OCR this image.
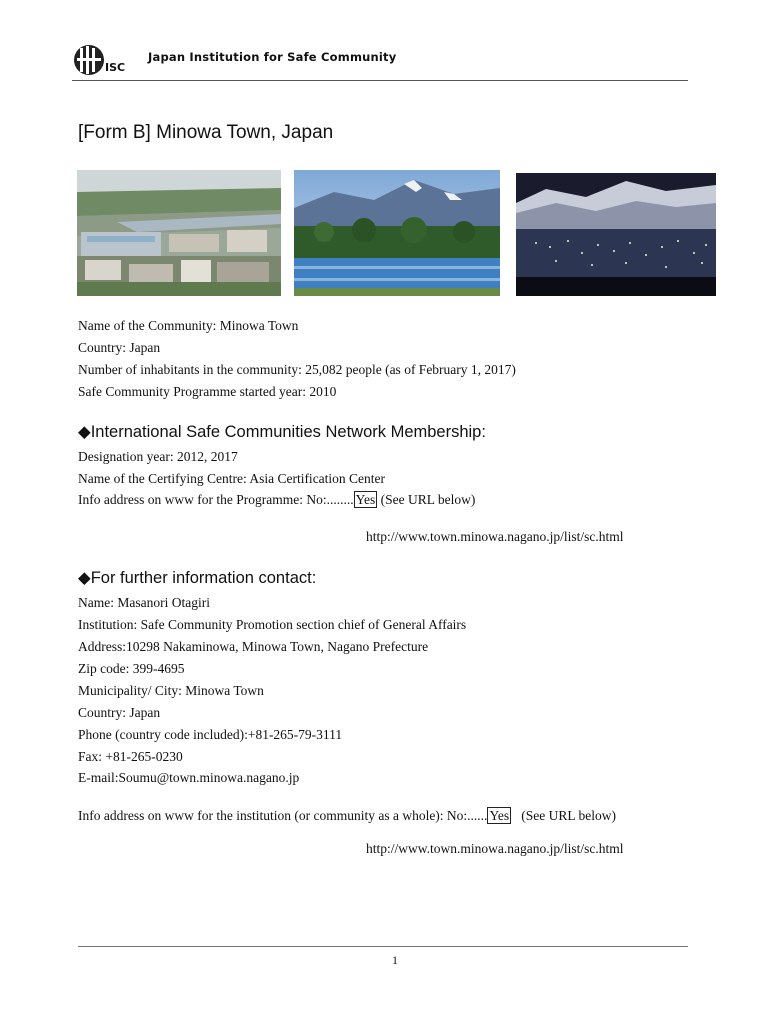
ISC
Japan Institution for Safe Community
[Form B] Minowa Town, Japan
Name of the Community: Minowa Town
Country: Japan
Number of inhabitants in the community: 25,082 people (as of February 1, 2017)
Safe Community Programme started year: 2010
◆International Safe Communities Network Membership:
Designation year: 2012, 2017
Name of the Certifying Centre: Asia Certification Center
Info address on www for the Programme: No:........ Yes (See URL below)
http://www.town.minowa.nagano.jp/list/sc.html
◆For further information contact:
Name: Masanori Otagiri
Institution: Safe Community Promotion section chief of General Affairs
Address:10298 Nakaminowa, Minowa Town, Nagano Prefecture
Zip code: 399-4695
Municipality/ City: Minowa Town
Country: Japan
Phone (country code included):+81-265-79-3111
Fax: +81-265-0230
E-mail:Soumu@town.minowa.nagano.jp
Info address on www for the institution (or community as a whole): No:...... Yes   (See URL below)
http://www.town.minowa.nagano.jp/list/sc.html
1
